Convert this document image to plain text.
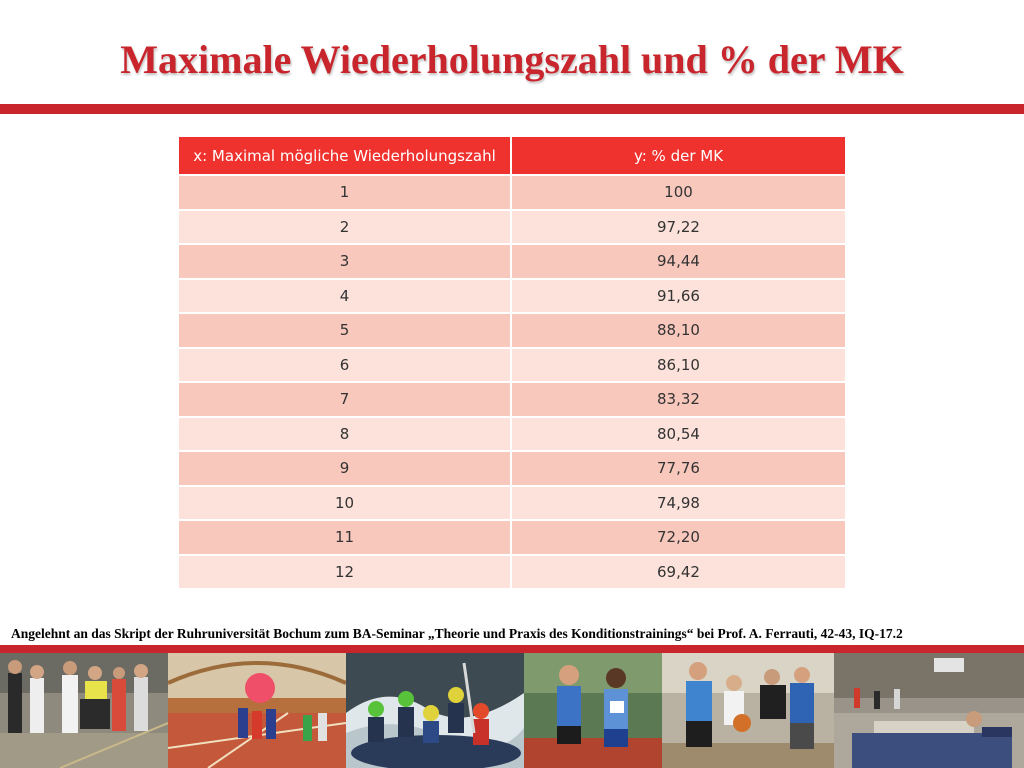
Maximale Wiederholungszahl und % der MK
x: Maximal mögliche Wiederholungszahl	y: % der MK
1	100
2	97,22
3	94,44
4	91,66
5	88,10
6	86,10
7	83,32
8	80,54
9	77,76
10	74,98
11	72,20
12	69,42
Angelehnt an das Skript der Ruhruniversität Bochum zum BA-Seminar „Theorie und Praxis des Konditionstrainings“ bei Prof. A. Ferrauti, 42-43, IQ-17.2
